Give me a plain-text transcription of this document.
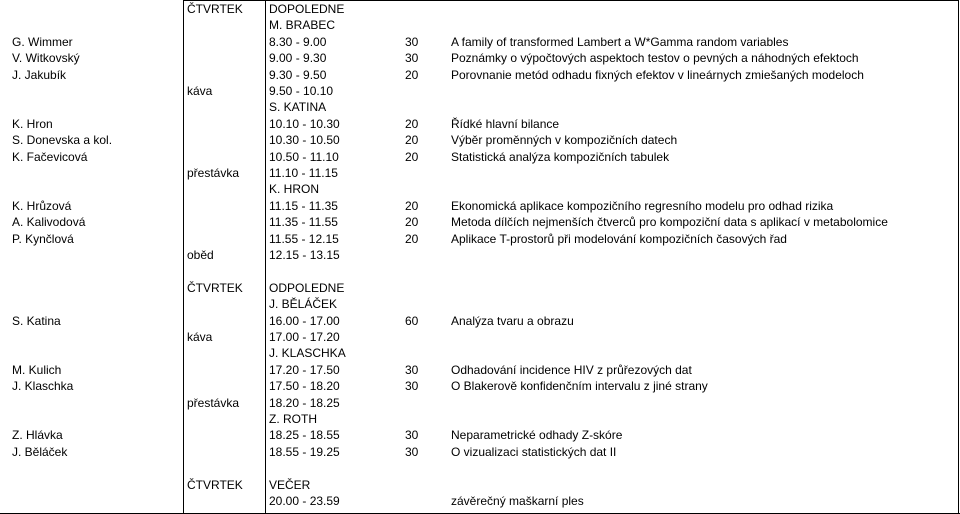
ČTVRTEK	DOPOLEDNE
M. BRABEC
G. Wimmer	8.30 - 9.00	30	A family of transformed Lambert a W*Gamma random variables
V. Witkovský	9.00 - 9.30	30	Poznámky o výpočtových aspektoch testov o pevných a náhodných efektoch
J. Jakubík	9.30 - 9.50	20	Porovnanie metód odhadu fixných efektov v lineárnych zmiešaných modeloch
káva	9.50 - 10.10
S. KATINA
K. Hron	10.10 - 10.30	20	Řídké hlavní bilance
S. Donevska a kol.	10.30 - 10.50	20	Výběr proměnných v kompozičních datech
K. Fačevicová	10.50 - 11.10	20	Statistická analýza kompozičních tabulek
přestávka	11.10 - 11.15
K. HRON
K. Hrůzová	11.15 - 11.35	20	Ekonomická aplikace kompozičního regresního modelu pro odhad rizika
A. Kalivodová	11.35 - 11.55	20	Metoda dílčích nejmenších čtverců pro kompoziční data s aplikací v metabolomice
P. Kynčlová	11.55 - 12.15	20	Aplikace T-prostorů při modelování kompozičních časových řad
oběd	12.15 - 13.15
ČTVRTEK	ODPOLEDNE
J. BĚLÁČEK
S. Katina	16.00 - 17.00	60	Analýza tvaru a obrazu
káva	17.00 - 17.20
J. KLASCHKA
M. Kulich	17.20 - 17.50	30	Odhadování incidence HIV z průřezových dat
J. Klaschka	17.50 - 18.20	30	O Blakerově konfidenčním intervalu z jiné strany
přestávka	18.20 - 18.25
Z. ROTH
Z. Hlávka	18.25 - 18.55	30	Neparametrické odhady Z-skóre
J. Běláček	18.55 - 19.25	30	O vizualizaci statistických dat II
ČTVRTEK	VEČER
20.00 - 23.59	závěrečný maškarní ples
